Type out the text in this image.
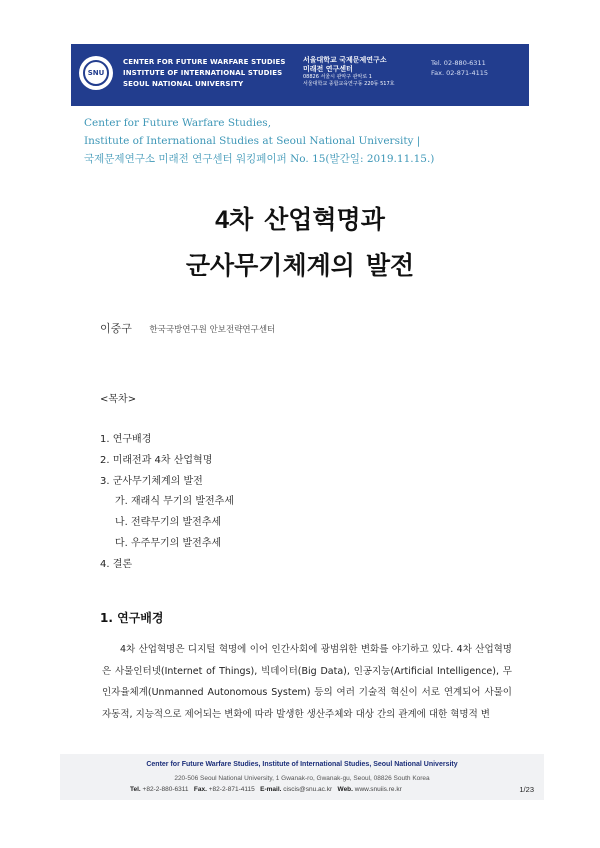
SNU
CENTER FOR FUTURE WARFARE STUDIES
INSTITUTE OF INTERNATIONAL STUDIES
SEOUL NATIONAL UNIVERSITY
서울대학교 국제문제연구소
미래전 연구센터
08826 서울시 관악구 관악로 1
서울대학교 종합교육연구동 220동 517호
Tel. 02-880-6311
Fax. 02-871-4115
Center for Future Warfare Studies,
Institute of International Studies at Seoul National University |
국제문제연구소 미래전 연구센터 워킹페이퍼 No. 15(발간일: 2019.11.15.)
4차 산업혁명과
군사무기체계의 발전
이중구 한국국방연구원 안보전략연구센터
<목차>
1. 연구배경
2. 미래전과 4차 산업혁명
3. 군사무기체계의 발전
가. 재래식 무기의 발전추세
나. 전략무기의 발전추세
다. 우주무기의 발전추세
4. 결론
1. 연구배경
4차 산업혁명은 디지털 혁명에 이어 인간사회에 광범위한 변화를 야기하고 있다. 4차 산업혁명은 사물인터넷(Internet of Things), 빅데이터(Big Data), 인공지능(Artificial Intelligence), 무인자율체계(Unmanned Autonomous System) 등의 여러 기술적 혁신이 서로 연계되어 사물이 자동적, 지능적으로 제어되는 변화에 따라 발생한 생산주체와 대상 간의 관계에 대한 혁명적 변
Center for Future Warfare Studies, Institute of International Studies, Seoul National University
220-506 Seoul National University, 1 Gwanak-ro, Gwanak-gu, Seoul, 08826 South Korea
Tel. +82-2-880-6311 Fax. +82-2-871-4115 E-mail. ciscis@snu.ac.kr Web. www.snuiis.re.kr	1/23
